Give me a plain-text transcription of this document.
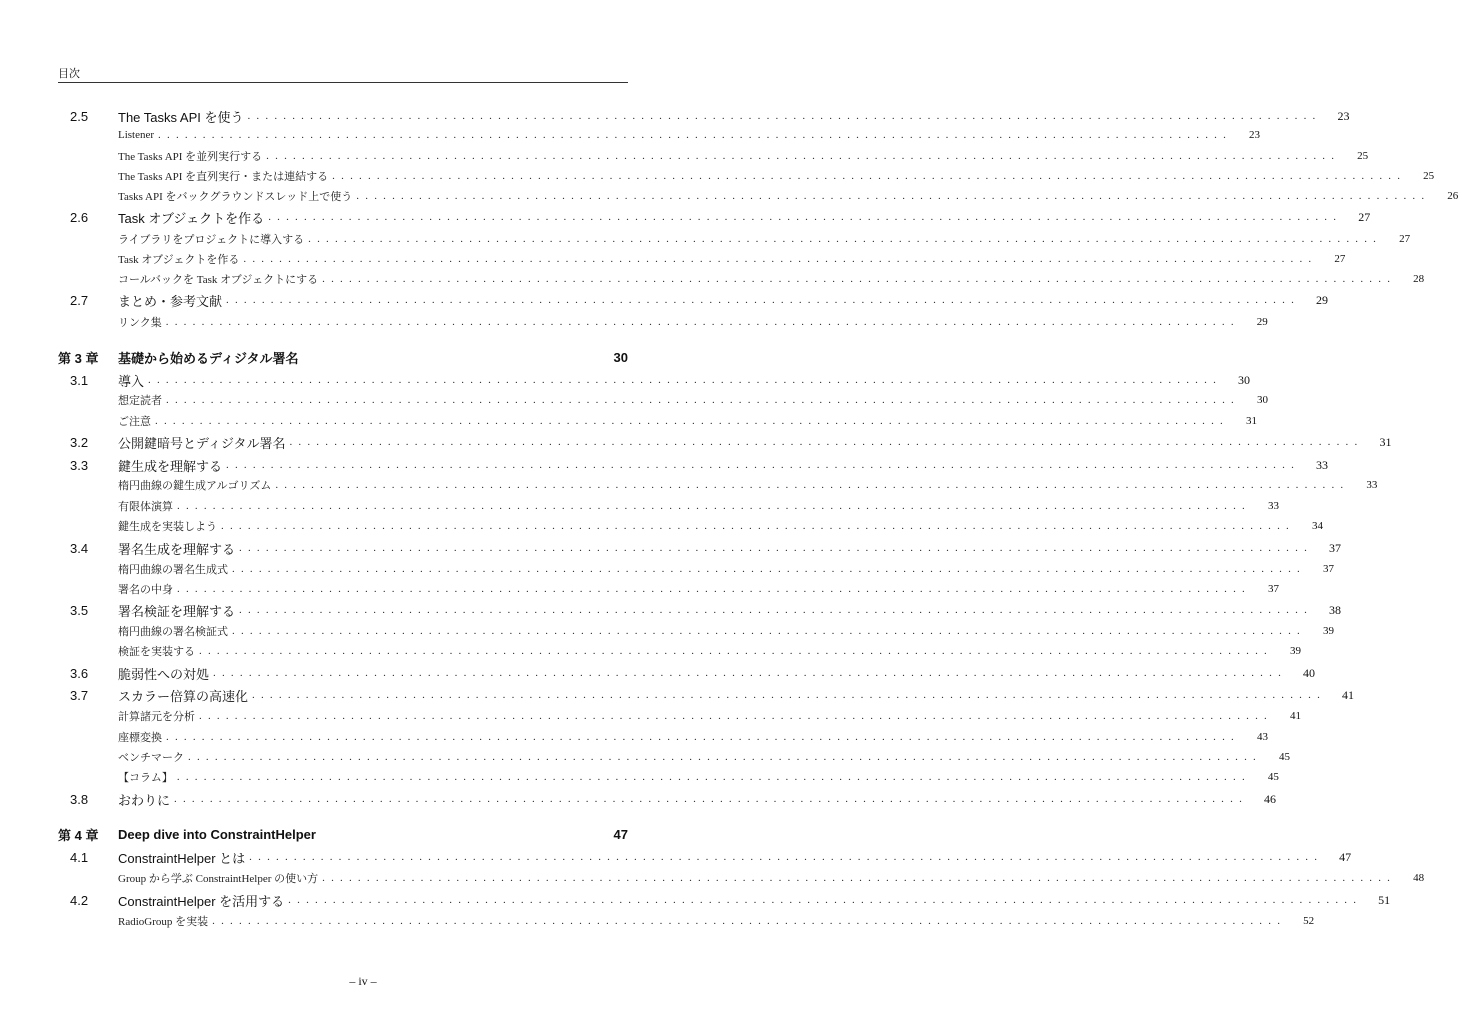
目次
2.5	The Tasks API を使う ........................................................................................................................	23
Listener ........................................................................................................................	23
The Tasks API を並列実行する ........................................................................................................................	25
The Tasks API を直列実行・または連結する ........................................................................................................................	25
Tasks API をバックグラウンドスレッド上で使う ........................................................................................................................	26
2.6	Task オブジェクトを作る ........................................................................................................................	27
ライブラリをプロジェクトに導入する ........................................................................................................................	27
Task オブジェクトを作る ........................................................................................................................	27
コールバックを Task オブジェクトにする ........................................................................................................................	28
2.7	まとめ・参考文献 ........................................................................................................................	29
リンク集 ........................................................................................................................	29
第 3 章	基礎から始めるディジタル署名	30
3.1	導入 ........................................................................................................................	30
想定読者 ........................................................................................................................	30
ご注意 ........................................................................................................................	31
3.2	公開鍵暗号とディジタル署名 ........................................................................................................................	31
3.3	鍵生成を理解する ........................................................................................................................	33
楕円曲線の鍵生成アルゴリズム ........................................................................................................................	33
有限体演算 ........................................................................................................................	33
鍵生成を実装しよう ........................................................................................................................	34
3.4	署名生成を理解する ........................................................................................................................	37
楕円曲線の署名生成式 ........................................................................................................................	37
署名の中身 ........................................................................................................................	37
3.5	署名検証を理解する ........................................................................................................................	38
楕円曲線の署名検証式 ........................................................................................................................	39
検証を実装する ........................................................................................................................	39
3.6	脆弱性への対処 ........................................................................................................................	40
3.7	スカラー倍算の高速化 ........................................................................................................................	41
計算諸元を分析 ........................................................................................................................	41
座標変換 ........................................................................................................................	43
ベンチマーク ........................................................................................................................	45
【コラム】 ........................................................................................................................	45
3.8	おわりに ........................................................................................................................	46
第 4 章	Deep dive into ConstraintHelper	47
4.1	ConstraintHelper とは ........................................................................................................................	47
Group から学ぶ ConstraintHelper の使い方 ........................................................................................................................	48
4.2	ConstraintHelper を活用する ........................................................................................................................	51
RadioGroup を実装 ........................................................................................................................	52
– iv –
